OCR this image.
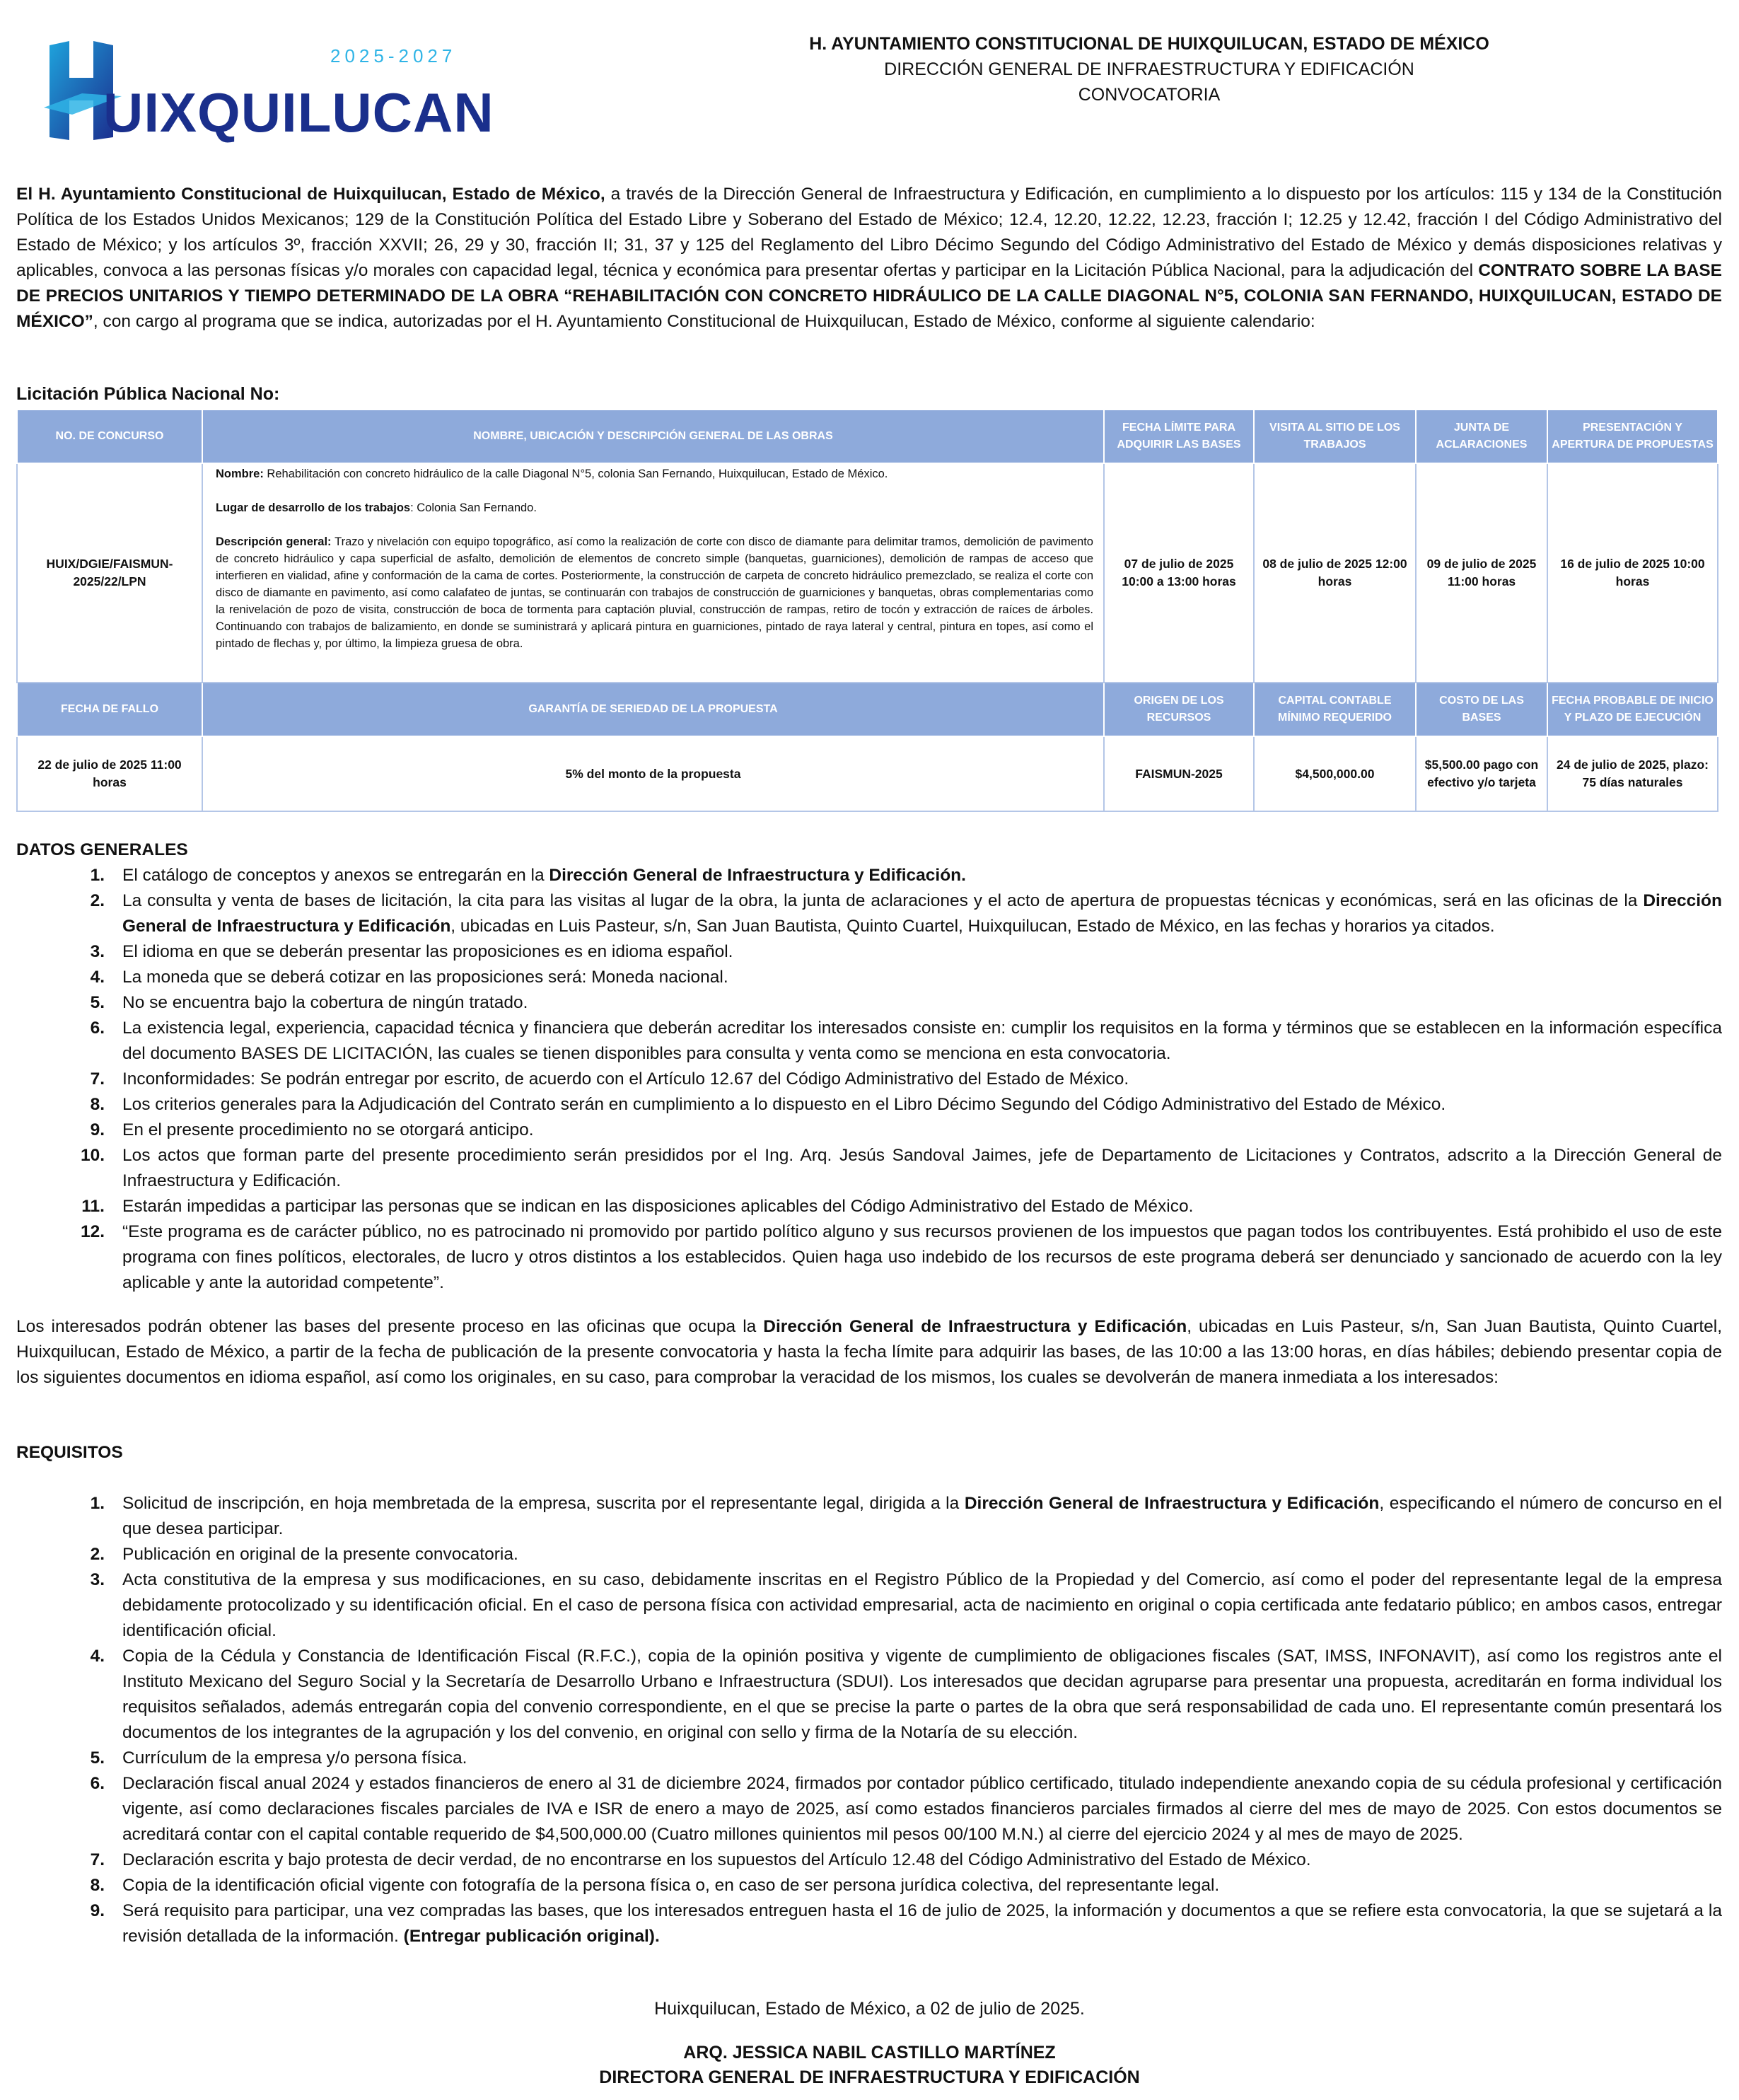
2025-2027
UIXQUILUCAN
H. AYUNTAMIENTO CONSTITUCIONAL DE HUIXQUILUCAN, ESTADO DE MÉXICO
DIRECCIÓN GENERAL DE INFRAESTRUCTURA Y EDIFICACIÓN
CONVOCATORIA
El H. Ayuntamiento Constitucional de Huixquilucan, Estado de México, a través de la Dirección General de Infraestructura y Edificación, en cumplimiento a lo dispuesto por los artículos: 115 y 134 de la Constitución Política de los Estados Unidos Mexicanos; 129 de la Constitución Política del Estado Libre y Soberano del Estado de México; 12.4, 12.20, 12.22, 12.23, fracción I; 12.25 y 12.42, fracción I del Código Administrativo del Estado de México; y los artículos 3º, fracción XXVII; 26, 29 y 30, fracción II; 31, 37 y 125 del Reglamento del Libro Décimo Segundo del Código Administrativo del Estado de México y demás disposiciones relativas y aplicables, convoca a las personas físicas y/o morales con capacidad legal, técnica y económica para presentar ofertas y participar en la Licitación Pública Nacional, para la adjudicación del CONTRATO SOBRE LA BASE DE PRECIOS UNITARIOS Y TIEMPO DETERMINADO DE LA OBRA “REHABILITACIÓN CON CONCRETO HIDRÁULICO DE LA CALLE DIAGONAL N°5, COLONIA SAN FERNANDO, HUIXQUILUCAN, ESTADO DE MÉXICO”, con cargo al programa que se indica, autorizadas por el H. Ayuntamiento Constitucional de Huixquilucan, Estado de México, conforme al siguiente calendario:
Licitación Pública Nacional No:
NO. DE CONCURSO	NOMBRE, UBICACIÓN Y DESCRIPCIÓN GENERAL DE LAS OBRAS	FECHA LÍMITE PARA ADQUIRIR LAS BASES	VISITA AL SITIO DE LOS TRABAJOS	JUNTA DE ACLARACIONES	PRESENTACIÓN Y APERTURA DE PROPUESTAS
HUIX/DGIE/FAISMUN-2025/22/LPN	Nombre: Rehabilitación con concreto hidráulico de la calle Diagonal N°5, colonia San Fernando, Huixquilucan, Estado de México.

Lugar de desarrollo de los trabajos: Colonia San Fernando.

Descripción general: Trazo y nivelación con equipo topográfico, así como la realización de corte con disco de diamante para delimitar tramos, demolición de pavimento de concreto hidráulico y capa superficial de asfalto, demolición de elementos de concreto simple (banquetas, guarniciones), demolición de rampas de acceso que interfieren en vialidad, afine y conformación de la cama de cortes. Posteriormente, la construcción de carpeta de concreto hidráulico premezclado, se realiza el corte con disco de diamante en pavimento, así como calafateo de juntas, se continuarán con trabajos de construcción de guarniciones y banquetas, obras complementarias como la renivelación de pozo de visita, construcción de boca de tormenta para captación pluvial, construcción de rampas, retiro de tocón y extracción de raíces de árboles. Continuando con trabajos de balizamiento, en donde se suministrará y aplicará pintura en guarniciones, pintado de raya lateral y central, pintura en topes, así como el pintado de flechas y, por último, la limpieza gruesa de obra.	07 de julio de 2025 10:00 a 13:00 horas	08 de julio de 2025 12:00 horas	09 de julio de 2025 11:00 horas	16 de julio de 2025 10:00 horas
FECHA DE FALLO	GARANTÍA DE SERIEDAD DE LA PROPUESTA	ORIGEN DE LOS RECURSOS	CAPITAL CONTABLE MÍNIMO REQUERIDO	COSTO DE LAS BASES	FECHA PROBABLE DE INICIO Y PLAZO DE EJECUCIÓN
22 de julio de 2025 11:00 horas	5% del monto de la propuesta	FAISMUN-2025	$4,500,000.00	$5,500.00 pago con efectivo y/o tarjeta	24 de julio de 2025, plazo: 75 días naturales
DATOS GENERALES
1. El catálogo de conceptos y anexos se entregarán en la Dirección General de Infraestructura y Edificación.
2. La consulta y venta de bases de licitación, la cita para las visitas al lugar de la obra, la junta de aclaraciones y el acto de apertura de propuestas técnicas y económicas, será en las oficinas de la Dirección General de Infraestructura y Edificación, ubicadas en Luis Pasteur, s/n, San Juan Bautista, Quinto Cuartel, Huixquilucan, Estado de México, en las fechas y horarios ya citados.
3. El idioma en que se deberán presentar las proposiciones es en idioma español.
4. La moneda que se deberá cotizar en las proposiciones será: Moneda nacional.
5. No se encuentra bajo la cobertura de ningún tratado.
6. La existencia legal, experiencia, capacidad técnica y financiera que deberán acreditar los interesados consiste en: cumplir los requisitos en la forma y términos que se establecen en la información específica del documento BASES DE LICITACIÓN, las cuales se tienen disponibles para consulta y venta como se menciona en esta convocatoria.
7. Inconformidades: Se podrán entregar por escrito, de acuerdo con el Artículo 12.67 del Código Administrativo del Estado de México.
8. Los criterios generales para la Adjudicación del Contrato serán en cumplimiento a lo dispuesto en el Libro Décimo Segundo del Código Administrativo del Estado de México.
9. En el presente procedimiento no se otorgará anticipo.
10. Los actos que forman parte del presente procedimiento serán presididos por el Ing. Arq. Jesús Sandoval Jaimes, jefe de Departamento de Licitaciones y Contratos, adscrito a la Dirección General de Infraestructura y Edificación.
11. Estarán impedidas a participar las personas que se indican en las disposiciones aplicables del Código Administrativo del Estado de México.
12. “Este programa es de carácter público, no es patrocinado ni promovido por partido político alguno y sus recursos provienen de los impuestos que pagan todos los contribuyentes. Está prohibido el uso de este programa con fines políticos, electorales, de lucro y otros distintos a los establecidos. Quien haga uso indebido de los recursos de este programa deberá ser denunciado y sancionado de acuerdo con la ley aplicable y ante la autoridad competente”.
Los interesados podrán obtener las bases del presente proceso en las oficinas que ocupa la Dirección General de Infraestructura y Edificación, ubicadas en Luis Pasteur, s/n, San Juan Bautista, Quinto Cuartel, Huixquilucan, Estado de México, a partir de la fecha de publicación de la presente convocatoria y hasta la fecha límite para adquirir las bases, de las 10:00 a las 13:00 horas, en días hábiles; debiendo presentar copia de los siguientes documentos en idioma español, así como los originales, en su caso, para comprobar la veracidad de los mismos, los cuales se devolverán de manera inmediata a los interesados:
REQUISITOS
1. Solicitud de inscripción, en hoja membretada de la empresa, suscrita por el representante legal, dirigida a la Dirección General de Infraestructura y Edificación, especificando el número de concurso en el que desea participar.
2. Publicación en original de la presente convocatoria.
3. Acta constitutiva de la empresa y sus modificaciones, en su caso, debidamente inscritas en el Registro Público de la Propiedad y del Comercio, así como el poder del representante legal de la empresa debidamente protocolizado y su identificación oficial. En el caso de persona física con actividad empresarial, acta de nacimiento en original o copia certificada ante fedatario público; en ambos casos, entregar identificación oficial.
4. Copia de la Cédula y Constancia de Identificación Fiscal (R.F.C.), copia de la opinión positiva y vigente de cumplimiento de obligaciones fiscales (SAT, IMSS, INFONAVIT), así como los registros ante el Instituto Mexicano del Seguro Social y la Secretaría de Desarrollo Urbano e Infraestructura (SDUI). Los interesados que decidan agruparse para presentar una propuesta, acreditarán en forma individual los requisitos señalados, además entregarán copia del convenio correspondiente, en el que se precise la parte o partes de la obra que será responsabilidad de cada uno. El representante común presentará los documentos de los integrantes de la agrupación y los del convenio, en original con sello y firma de la Notaría de su elección.
5. Currículum de la empresa y/o persona física.
6. Declaración fiscal anual 2024 y estados financieros de enero al 31 de diciembre 2024, firmados por contador público certificado, titulado independiente anexando copia de su cédula profesional y certificación vigente, así como declaraciones fiscales parciales de IVA e ISR de enero a mayo de 2025, así como estados financieros parciales firmados al cierre del mes de mayo de 2025. Con estos documentos se acreditará contar con el capital contable requerido de $4,500,000.00 (Cuatro millones quinientos mil pesos 00/100 M.N.) al cierre del ejercicio 2024 y al mes de mayo de 2025.
7. Declaración escrita y bajo protesta de decir verdad, de no encontrarse en los supuestos del Artículo 12.48 del Código Administrativo del Estado de México.
8. Copia de la identificación oficial vigente con fotografía de la persona física o, en caso de ser persona jurídica colectiva, del representante legal.
9. Será requisito para participar, una vez compradas las bases, que los interesados entreguen hasta el 16 de julio de 2025, la información y documentos a que se refiere esta convocatoria, la que se sujetará a la revisión detallada de la información. (Entregar publicación original).
Huixquilucan, Estado de México, a 02 de julio de 2025.
ARQ. JESSICA NABIL CASTILLO MARTÍNEZ
DIRECTORA GENERAL DE INFRAESTRUCTURA Y EDIFICACIÓN
